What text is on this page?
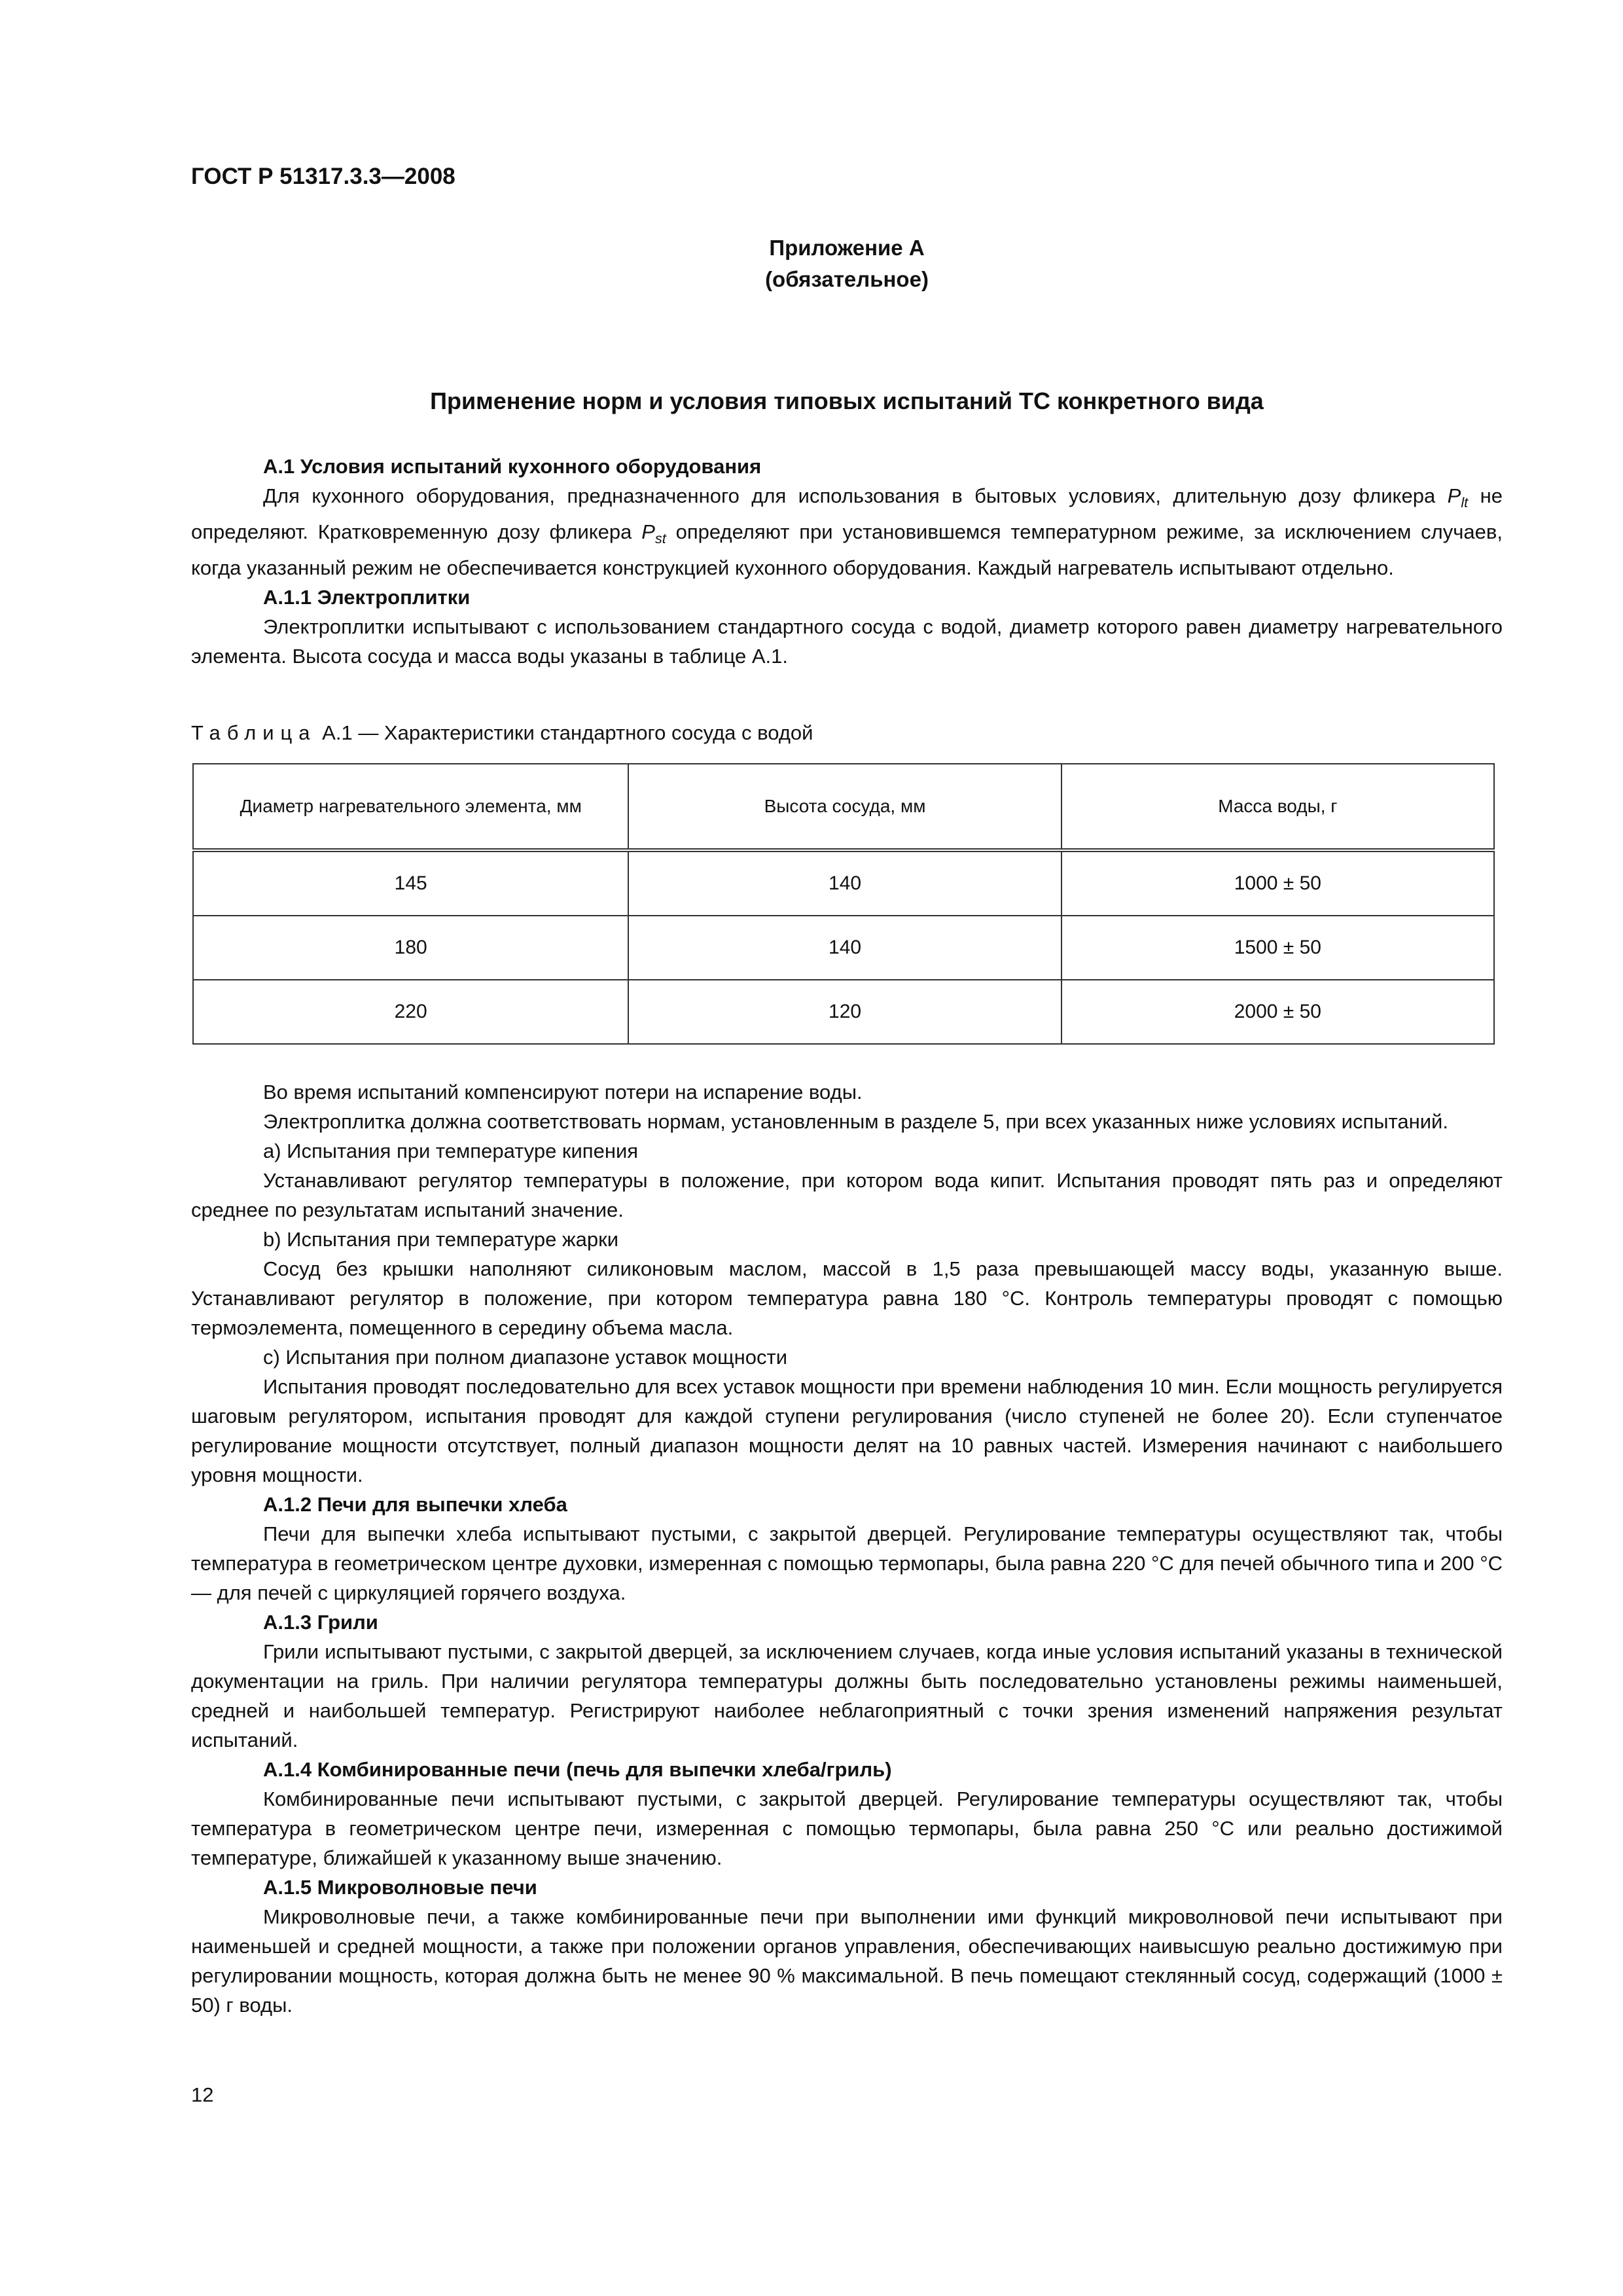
ГОСТ Р 51317.3.3—2008
Приложение А
(обязательное)
Применение норм и условия типовых испытаний ТС конкретного вида

А.1 Условия испытаний кухонного оборудования

Для кухонного оборудования, предназначенного для использования в бытовых условиях, длительную дозу фликера $P_{lt}$ не определяют. Кратковременную дозу фликера $P_{st}$ определяют при установившемся температурном режиме, за исключением случаев, когда указанный режим не обеспечивается конструкцией кухонного оборудования. Каждый нагреватель испытывают отдельно.

А.1.1 Электроплитки

Электроплитки испытывают с использованием стандартного сосуда с водой, диаметр которого равен диаметру нагревательного элемента. Высота сосуда и масса воды указаны в таблице А.1.

Таблица А.1 — Характеристики стандартного сосуда с водой
Диаметр нагревательного элемента, мм	Высота сосуда, мм	Масса воды, г
145	140	1000 ± 50
180	140	1500 ± 50
220	120	2000 ± 50

Во время испытаний компенсируют потери на испарение воды.

Электроплитка должна соответствовать нормам, установленным в разделе 5, при всех указанных ниже условиях испытаний.

a) Испытания при температуре кипения

Устанавливают регулятор температуры в положение, при котором вода кипит. Испытания проводят пять раз и определяют среднее по результатам испытаний значение.

b) Испытания при температуре жарки

Сосуд без крышки наполняют силиконовым маслом, массой в 1,5 раза превышающей массу воды, указанную выше. Устанавливают регулятор в положение, при котором температура равна 180 °С. Контроль температуры проводят с помощью термоэлемента, помещенного в середину объема масла.

c) Испытания при полном диапазоне уставок мощности

Испытания проводят последовательно для всех уставок мощности при времени наблюдения 10 мин. Если мощность регулируется шаговым регулятором, испытания проводят для каждой ступени регулирования (число ступеней не более 20). Если ступенчатое регулирование мощности отсутствует, полный диапазон мощности делят на 10 равных частей. Измерения начинают с наибольшего уровня мощности.

А.1.2 Печи для выпечки хлеба

Печи для выпечки хлеба испытывают пустыми, с закрытой дверцей. Регулирование температуры осуществляют так, чтобы температура в геометрическом центре духовки, измеренная с помощью термопары, была равна 220 °С для печей обычного типа и 200 °С — для печей с циркуляцией горячего воздуха.

А.1.3 Грили

Грили испытывают пустыми, с закрытой дверцей, за исключением случаев, когда иные условия испытаний указаны в технической документации на гриль. При наличии регулятора температуры должны быть последовательно установлены режимы наименьшей, средней и наибольшей температур. Регистрируют наиболее неблагоприятный с точки зрения изменений напряжения результат испытаний.

А.1.4 Комбинированные печи (печь для выпечки хлеба/гриль)

Комбинированные печи испытывают пустыми, с закрытой дверцей. Регулирование температуры осуществляют так, чтобы температура в геометрическом центре печи, измеренная с помощью термопары, была равна 250 °С или реально достижимой температуре, ближайшей к указанному выше значению.

А.1.5 Микроволновые печи

Микроволновые печи, а также комбинированные печи при выполнении ими функций микроволновой печи испытывают при наименьшей и средней мощности, а также при положении органов управления, обеспечивающих наивысшую реально достижимую при регулировании мощность, которая должна быть не менее 90 % максимальной. В печь помещают стеклянный сосуд, содержащий (1000 ± 50) г воды.

12
